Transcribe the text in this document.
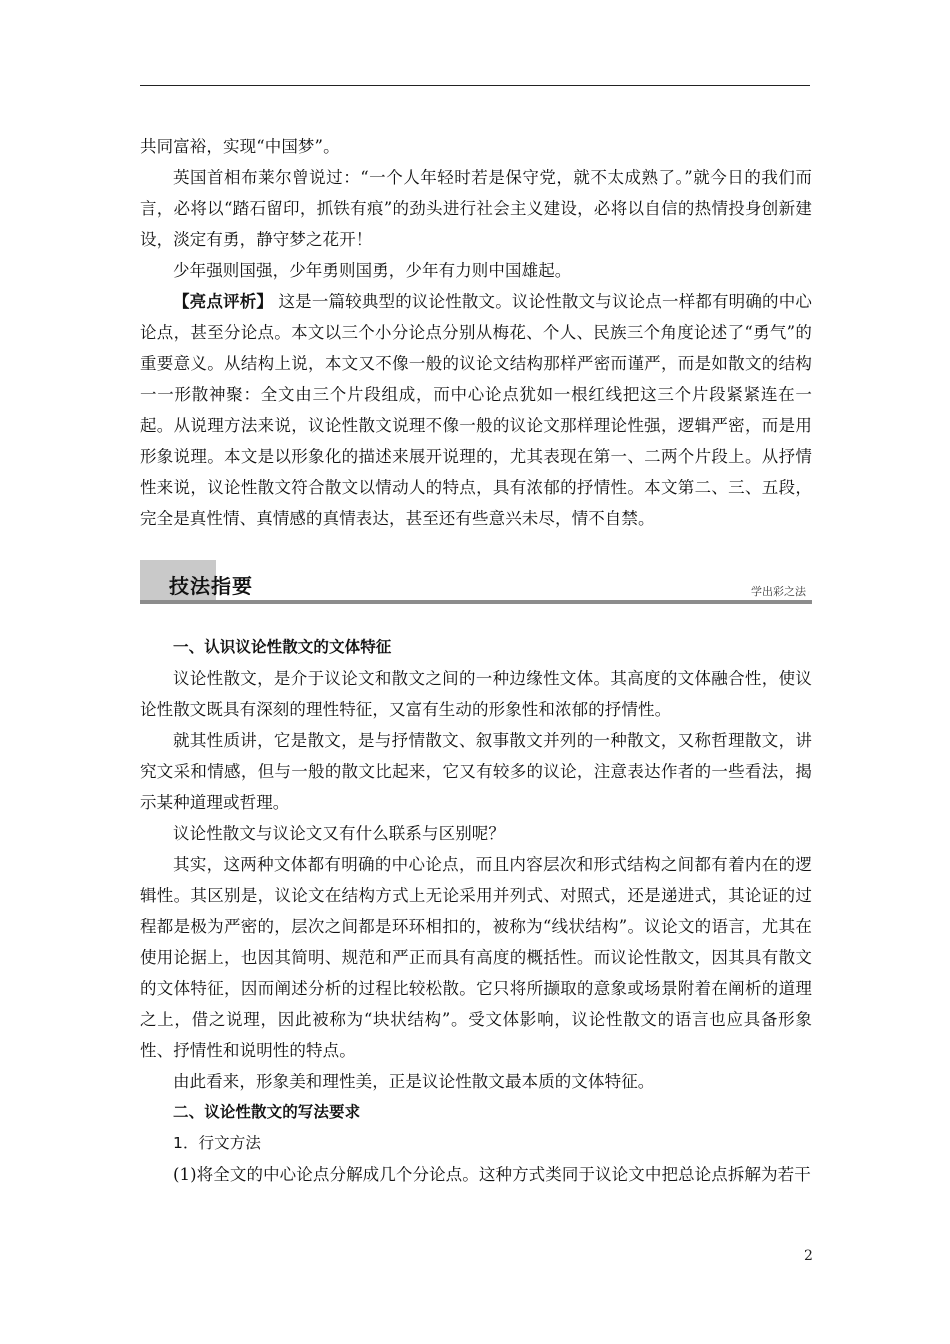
共同富裕，实现“中国梦”。

英国首相布莱尔曾说过：“一个人年轻时若是保守党，就不太成熟了。”就今日的我们而言，必将以“踏石留印，抓铁有痕”的劲头进行社会主义建设，必将以自信的热情投身创新建设，淡定有勇，静守梦之花开！

少年强则国强，少年勇则国勇，少年有力则中国雄起。

【亮点评析】 这是一篇较典型的议论性散文。议论性散文与议论点一样都有明确的中心论点，甚至分论点。本文以三个小分论点分别从梅花、个人、民族三个角度论述了“勇气”的重要意义。从结构上说，本文又不像一般的议论文结构那样严密而谨严，而是如散文的结构一一形散神聚：全文由三个片段组成，而中心论点犹如一根红线把这三个片段紧紧连在一起。从说理方法来说，议论性散文说理不像一般的议论文那样理论性强，逻辑严密，而是用形象说理。本文是以形象化的描述来展开说理的，尤其表现在第一、二两个片段上。从抒情性来说，议论性散文符合散文以情动人的特点，具有浓郁的抒情性。本文第二、三、五段，完全是真性情、真情感的真情表达，甚至还有些意兴未尽，情不自禁。

技法指要	学出彩之法

一、认识议论性散文的文体特征

议论性散文，是介于议论文和散文之间的一种边缘性文体。其高度的文体融合性，使议论性散文既具有深刻的理性特征，又富有生动的形象性和浓郁的抒情性。

就其性质讲，它是散文，是与抒情散文、叙事散文并列的一种散文，又称哲理散文，讲究文采和情感，但与一般的散文比起来，它又有较多的议论，注意表达作者的一些看法，揭示某种道理或哲理。

议论性散文与议论文又有什么联系与区别呢？

其实，这两种文体都有明确的中心论点，而且内容层次和形式结构之间都有着内在的逻辑性。其区别是，议论文在结构方式上无论采用并列式、对照式，还是递进式，其论证的过程都是极为严密的，层次之间都是环环相扣的，被称为“线状结构”。议论文的语言，尤其在使用论据上，也因其简明、规范和严正而具有高度的概括性。而议论性散文，因其具有散文的文体特征，因而阐述分析的过程比较松散。它只将所撷取的意象或场景附着在阐析的道理之上，借之说理，因此被称为“块状结构”。受文体影响，议论性散文的语言也应具备形象性、抒情性和说明性的特点。

由此看来，形象美和理性美，正是议论性散文最本质的文体特征。

二、议论性散文的写法要求

1．行文方法

(1)将全文的中心论点分解成几个分论点。这种方式类同于议论文中把总论点拆解为若干

2
